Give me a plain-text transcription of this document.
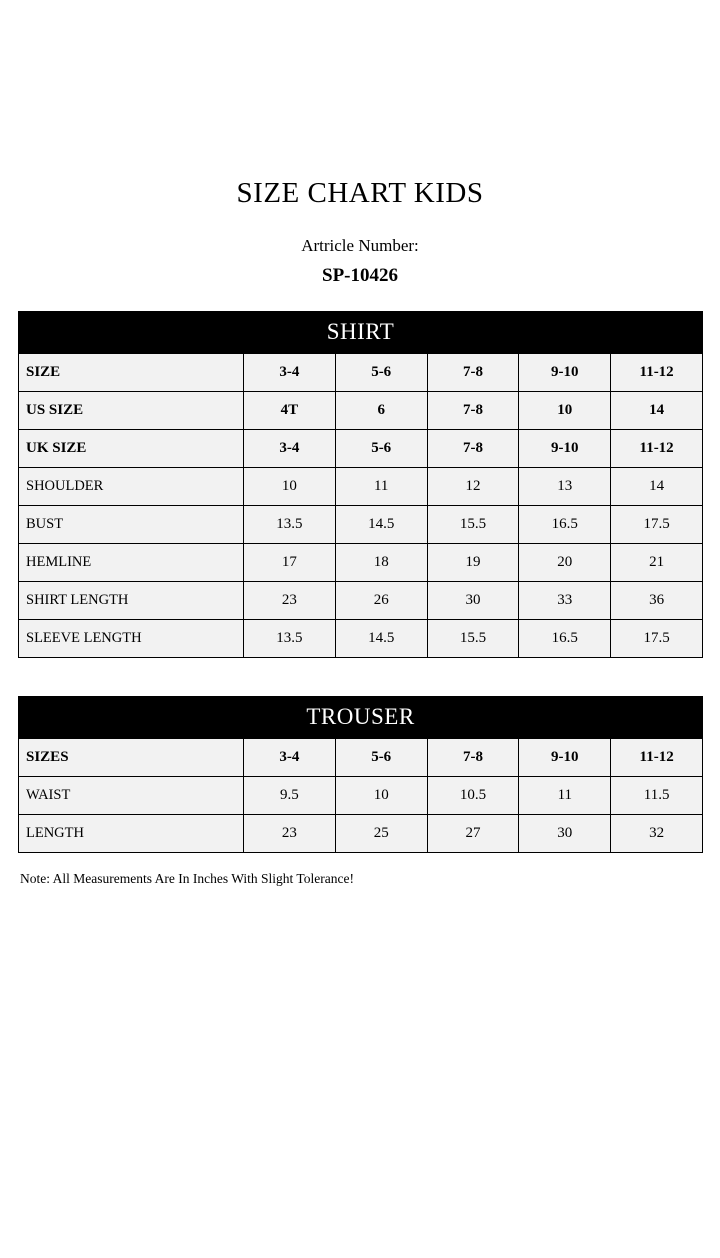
SIZE CHART KIDS
Artricle Number:
SP-10426
SHIRT					
SIZE	3-4	5-6	7-8	9-10	11-12
US SIZE	4T	6	7-8	10	14
UK SIZE	3-4	5-6	7-8	9-10	11-12
SHOULDER	10	11	12	13	14
BUST	13.5	14.5	15.5	16.5	17.5
HEMLINE	17	18	19	20	21
SHIRT LENGTH	23	26	30	33	36
SLEEVE LENGTH	13.5	14.5	15.5	16.5	17.5
TROUSER					
SIZES	3-4	5-6	7-8	9-10	11-12
WAIST	9.5	10	10.5	11	11.5
LENGTH	23	25	27	30	32
Note: All Measurements Are In Inches With Slight Tolerance!
